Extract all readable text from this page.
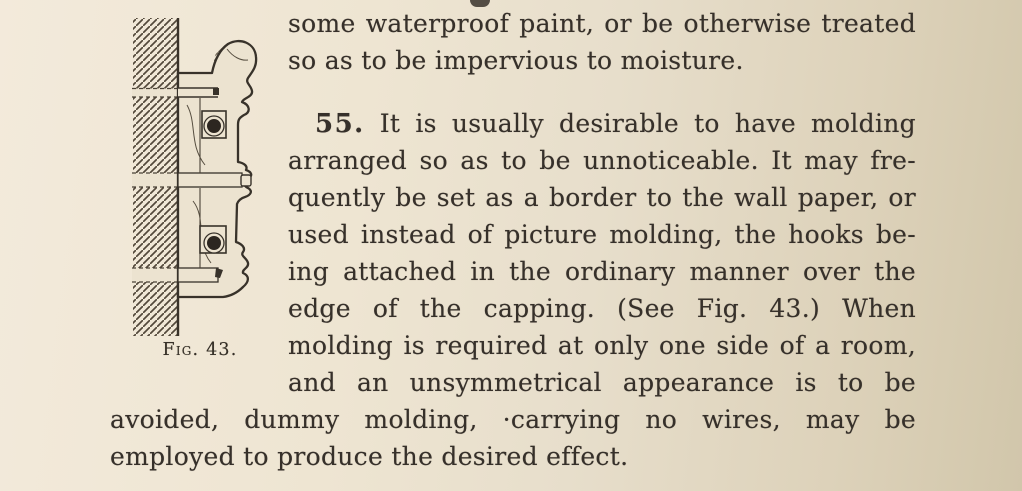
Fig. 43.
some waterproof paint, or be otherwise treated
so as to be impervious to moisture.
55. It is usually desirable to have molding
arranged so as to be unnoticeable. It may fre-
quently be set as a border to the wall paper, or
used instead of picture molding, the hooks be-
ing attached in the ordinary manner over the
edge of the capping. (See Fig. 43.) When
molding is required at only one side of a room,
and an unsymmetrical appearance is to be
avoided, dummy molding, ·carrying no wires, may be
employed to produce the desired effect.
